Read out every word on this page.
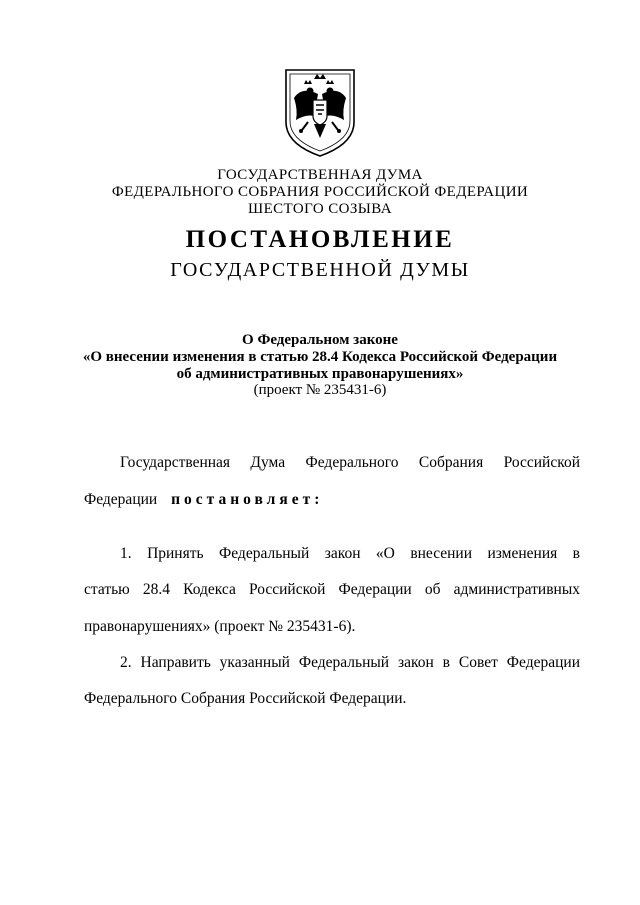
ГОСУДАРСТВЕННАЯ ДУМА
ФЕДЕРАЛЬНОГО СОБРАНИЯ РОССИЙСКОЙ ФЕДЕРАЦИИ
ШЕСТОГО СОЗЫВА
ПОСТАНОВЛЕНИЕ
ГОСУДАРСТВЕННОЙ ДУМЫ
О Федеральном законе
«О внесении изменения в статью 28.4 Кодекса Российской Федерации
об административных правонарушениях»
(проект № 235431-6)
Государственная Дума Федерального Собрания Российской
Федерации постановляет:
1. Принять Федеральный закон «О внесении изменения в
статью 28.4 Кодекса Российской Федерации об административных
правонарушениях» (проект № 235431-6).
2. Направить указанный Федеральный закон в Совет Федерации
Федерального Собрания Российской Федерации.
